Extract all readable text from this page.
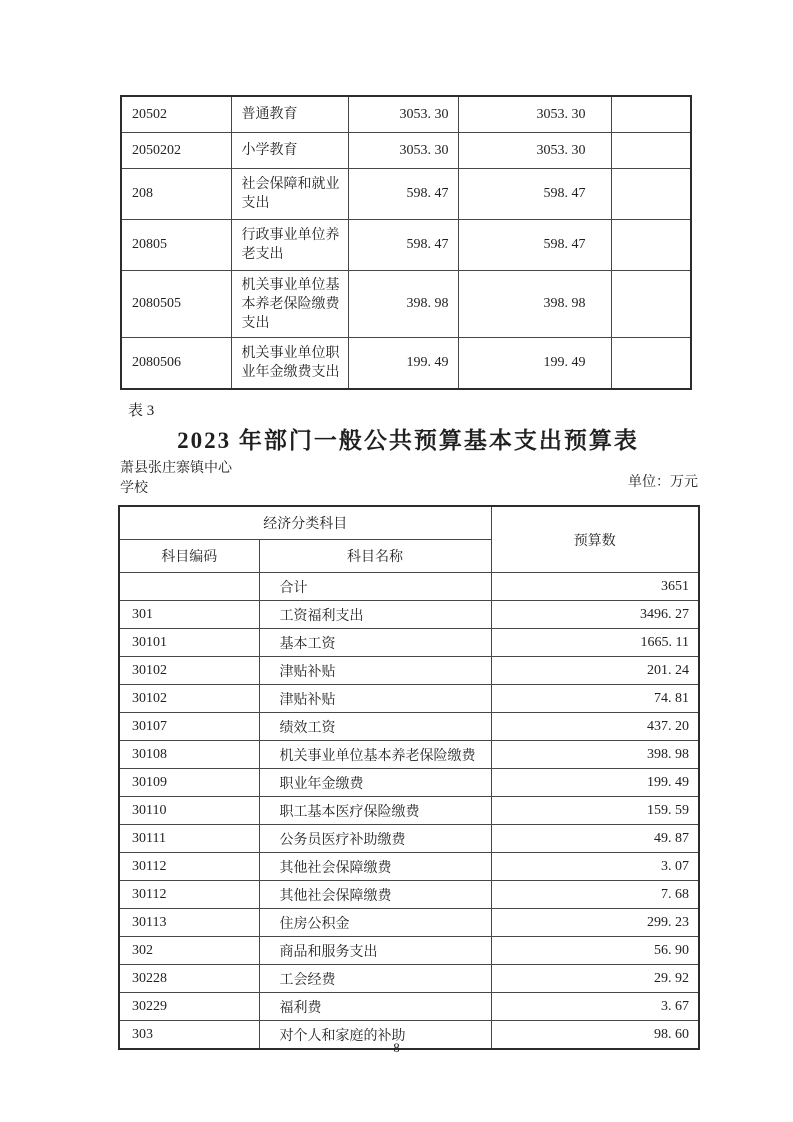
20502	普通教育	3053. 30	3053. 30	
2050202	小学教育	3053. 30	3053. 30	
208	社会保障和就业支出	598. 47	598. 47	
20805	行政事业单位养老支出	598. 47	598. 47	
2080505	机关事业单位基本养老保险缴费支出	398. 98	398. 98	
2080506	机关事业单位职业年金缴费支出	199. 49	199. 49	
表 3
2023 年部门一般公共预算基本支出预算表
萧县张庄寨镇中心
学校	单位：万元
经济分类科目		预算数
科目编码	科目名称	
	合计	3651
301	工资福利支出	3496. 27
30101	基本工资	1665. 11
30102	津贴补贴	201. 24
30102	津贴补贴	74. 81
30107	绩效工资	437. 20
30108	机关事业单位基本养老保险缴费	398. 98
30109	职业年金缴费	199. 49
30110	职工基本医疗保险缴费	159. 59
30111	公务员医疗补助缴费	49. 87
30112	其他社会保障缴费	3. 07
30112	其他社会保障缴费	7. 68
30113	住房公积金	299. 23
302	商品和服务支出	56. 90
30228	工会经费	29. 92
30229	福利费	3. 67
303	对个人和家庭的补助	98. 60
8
